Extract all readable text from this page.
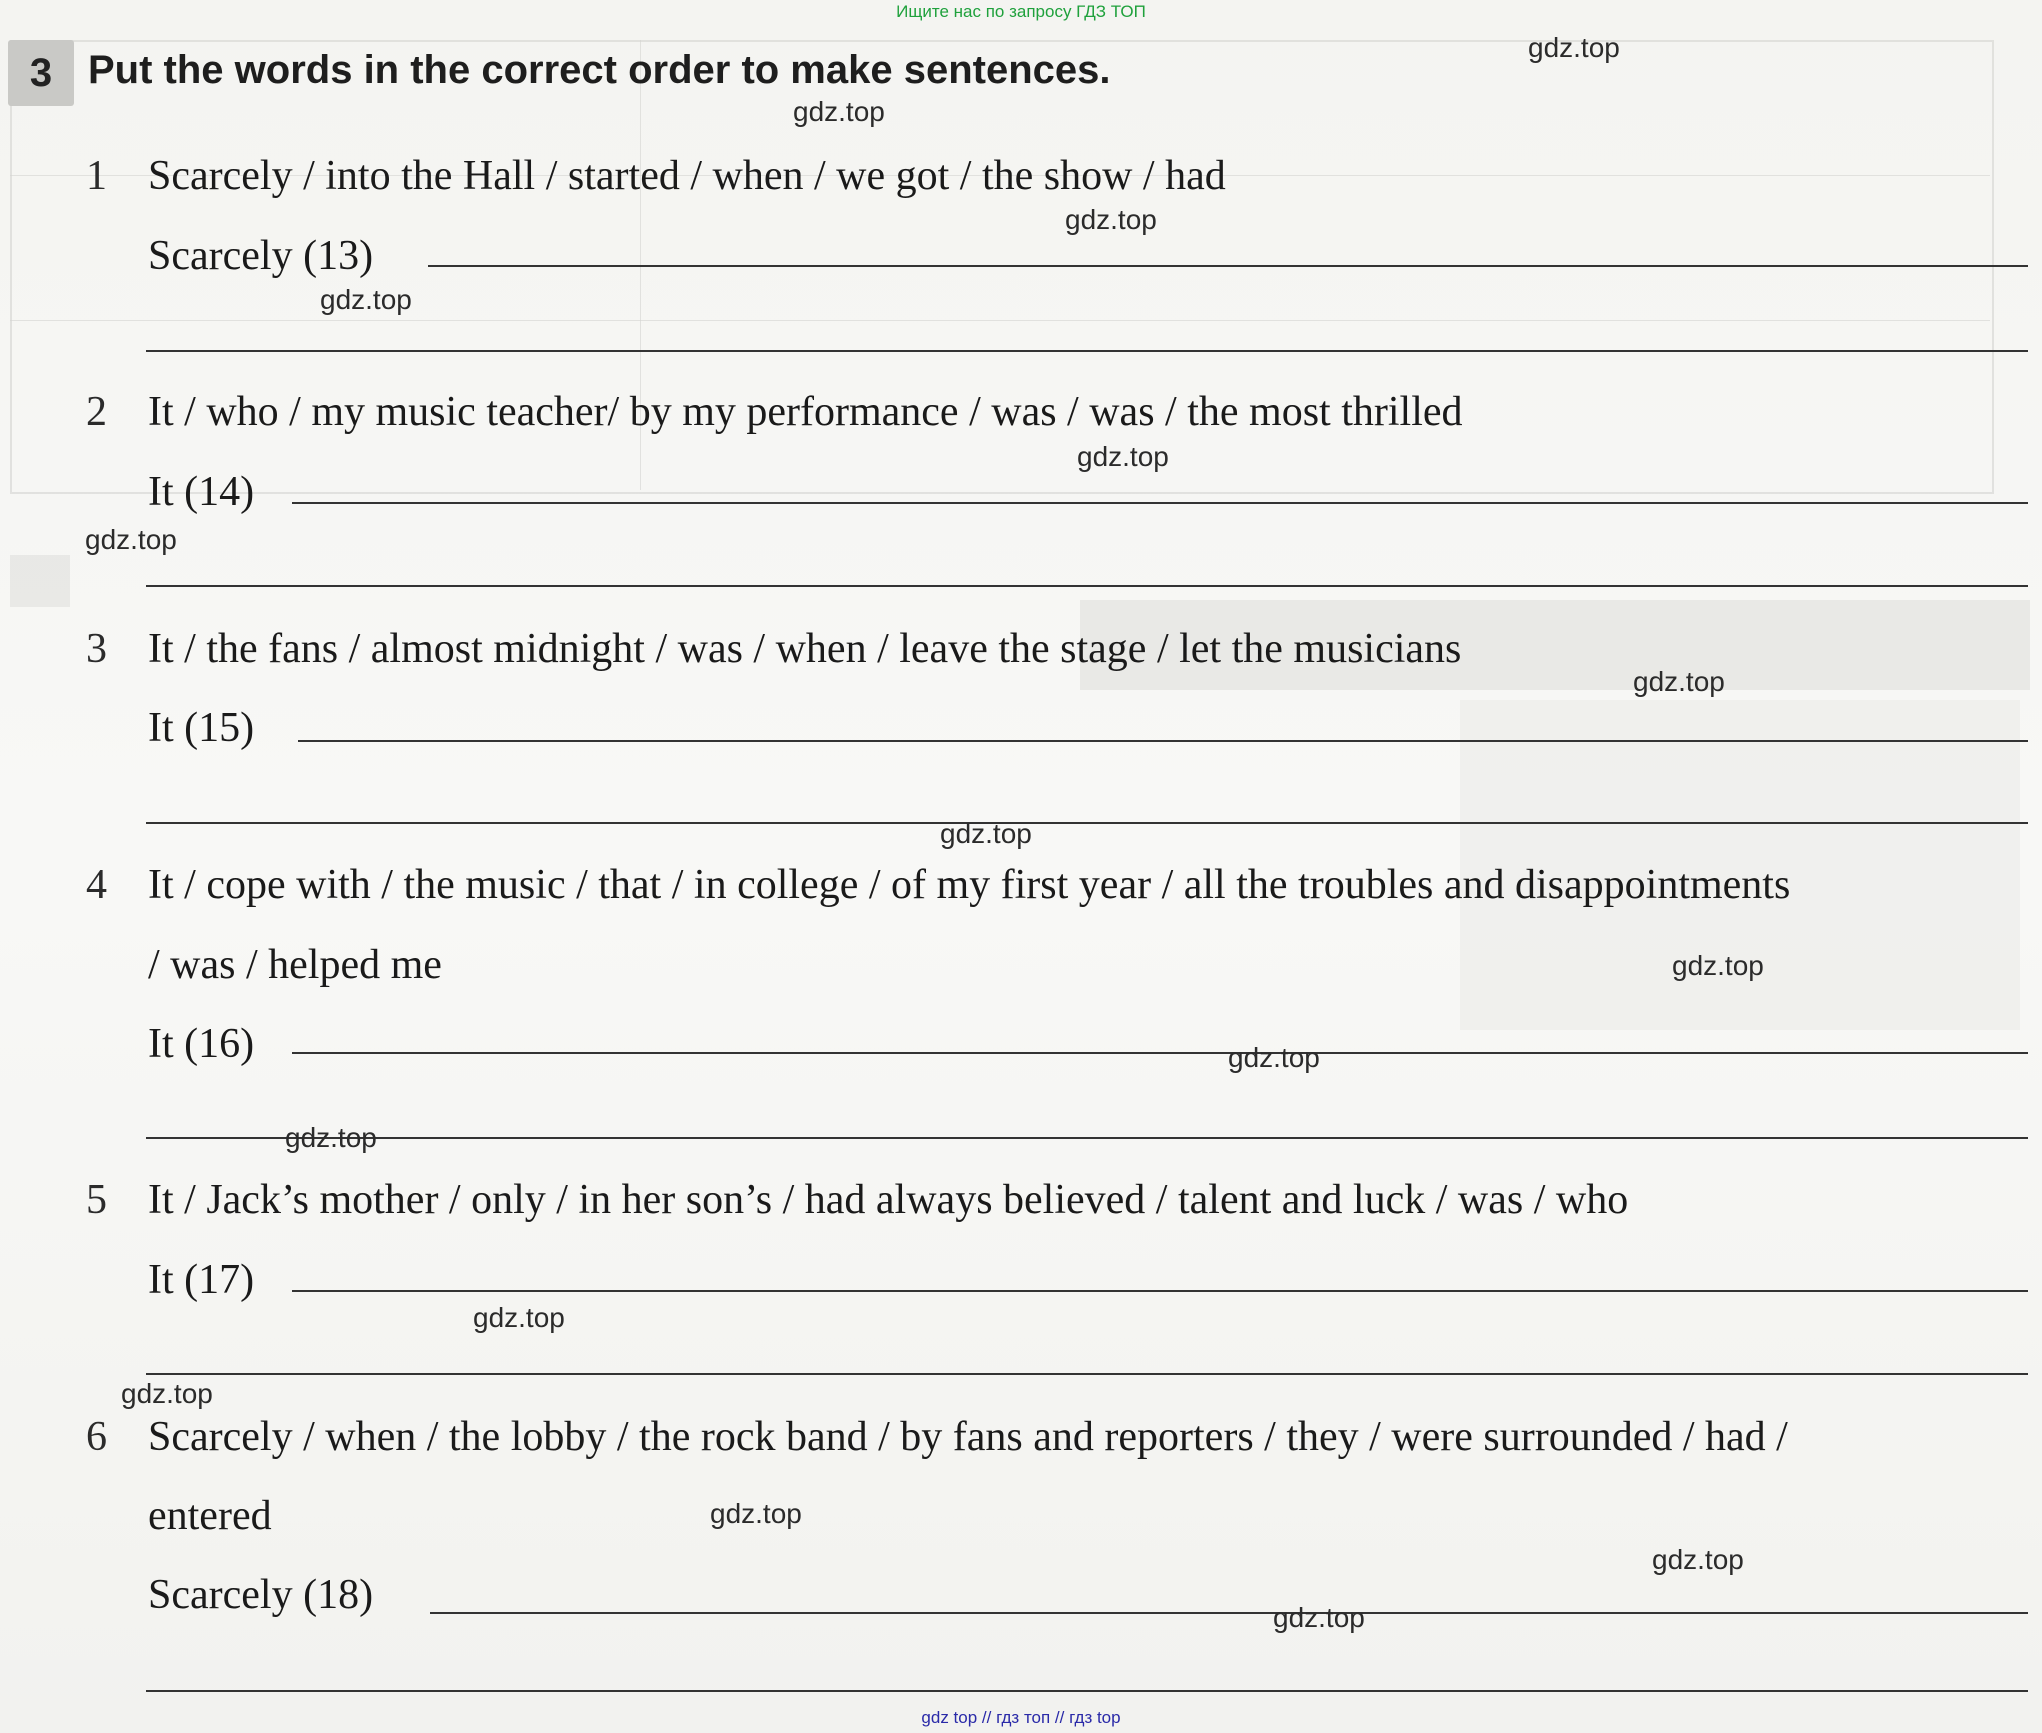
Ищите нас по запросу ГДЗ ТОП
3 Put the words in the correct order to make sentences.
1 Scarcely / into the Hall / started / when / we got / the show / had
Scarcely (13)
2 It / who / my music teacher/ by my performance / was / was / the most thrilled
It (14)
3 It / the fans / almost midnight / was / when / leave the stage / let the musicians
It (15)
4 It / cope with / the music / that / in college / of my first year / all the troubles and disappointments
/ was / helped me
It (16)
5 It / Jack’s mother / only / in her son’s / had always believed / talent and luck / was / who
It (17)
6 Scarcely / when / the lobby / the rock band / by fans and reporters / they / were surrounded / had /
entered
Scarcely (18)
gdz.top
gdz.top
gdz.top
gdz.top
gdz.top
gdz.top
gdz.top
gdz.top
gdz.top
gdz.top
gdz.top
gdz.top
gdz.top
gdz.top
gdz.top
gdz.top
gdz top // гдз топ // гдз top
